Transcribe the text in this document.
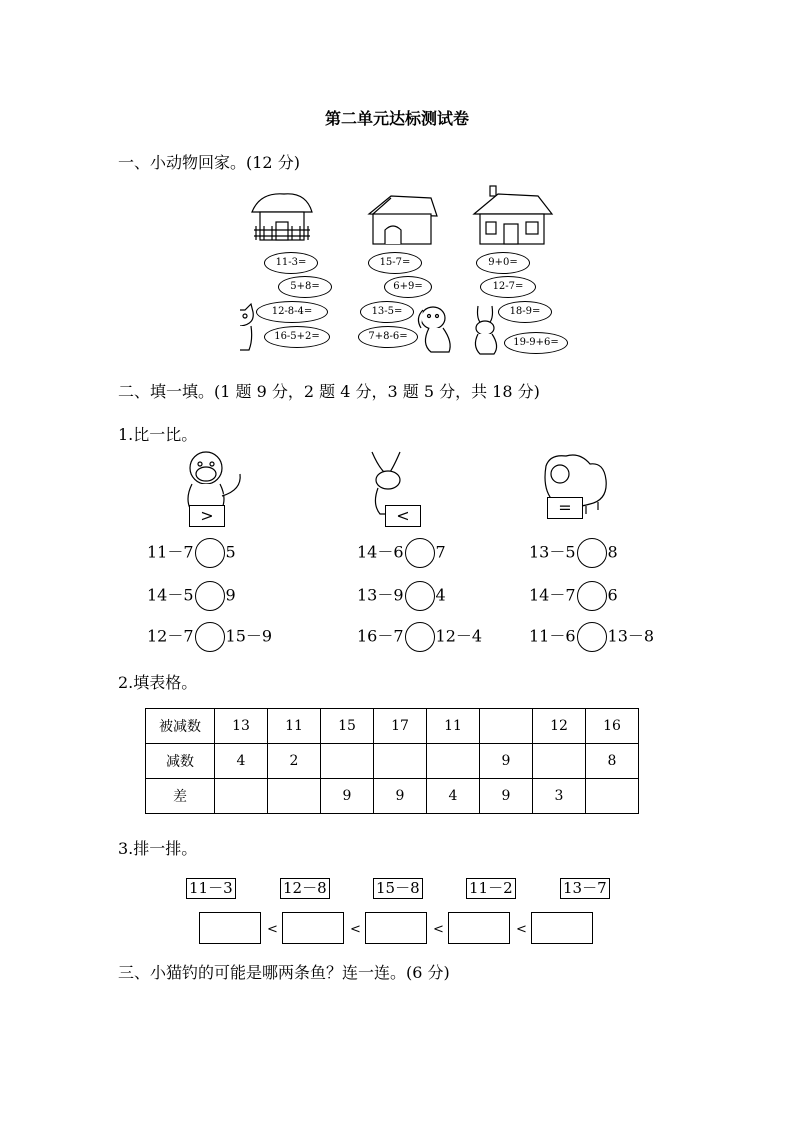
第二单元达标测试卷
一、小动物回家。(12 分)
11-3=
5+8=
12-8-4=
16-5+2=
15-7=
6+9=
13-5=
7+8-6=
9+0=
12-7=
18-9=
19-9+6=
二、填一填。(1 题 9 分，2 题 4 分，3 题 5 分，共 18 分)
1.比一比。
>	<	=
11－7 5	14－6 7	13－5 8
14－5 9	13－9 4	14－7 6
12－7 15－9	16－7 12－4	11－6 13－8
2.填表格。
被减数	13	11	15	17	11		12	16
减数	4	2				9		8
差			9	9	4	9	3	
3.排一排。
11－3	12－8	15－8	11－2	13－7
<	<	<	<
三、小猫钓的可能是哪两条鱼？连一连。(6 分)
